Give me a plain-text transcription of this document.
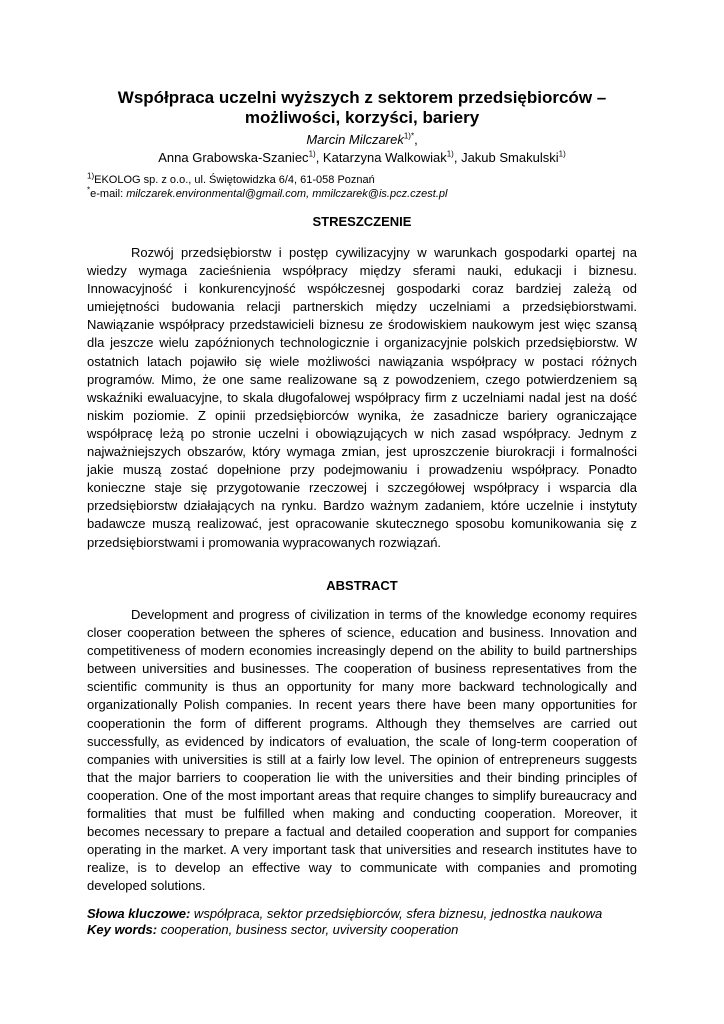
Współpraca uczelni wyższych z sektorem przedsiębiorców –
możliwości, korzyści, bariery
Marcin Milczarek$^{1)*}$,
Anna Grabowska-Szaniec$^{1)}$, Katarzyna Walkowiak$^{1)}$, Jakub Smakulski$^{1)}$
$^{1)}$EKOLOG sp. z o.o., ul. Świętowidzka 6/4, 61-058 Poznań
*e-mail: milczarek.environmental@gmail.com, mmilczarek@is.pcz.czest.pl
STRESZCZENIE

Rozwój przedsiębiorstw i postęp cywilizacyjny w warunkach gospodarki opartej na wiedzy wymaga zacieśnienia współpracy między sferami nauki, edukacji i biznesu. Innowacyjność i konkurencyjność współczesnej gospodarki coraz bardziej zależą od umiejętności budowania relacji partnerskich między uczelniami a przedsiębiorstwami. Nawiązanie współpracy przedstawicieli biznesu ze środowiskiem naukowym jest więc szansą dla jeszcze wielu zapóźnionych technologicznie i organizacyjnie polskich przedsiębiorstw. W ostatnich latach pojawiło się wiele możliwości nawiązania współpracy w postaci różnych programów. Mimo, że one same realizowane są z powodzeniem, czego potwierdzeniem są wskaźniki ewaluacyjne, to skala długofalowej współpracy firm z uczelniami nadal jest na dość niskim poziomie. Z opinii przedsiębiorców wynika, że zasadnicze bariery ograniczające współpracę leżą po stronie uczelni i obowiązujących w nich zasad współpracy. Jednym z najważniejszych obszarów, który wymaga zmian, jest uproszczenie biurokracji i formalności jakie muszą zostać dopełnione przy podejmowaniu i prowadzeniu współpracy. Ponadto konieczne staje się przygotowanie rzeczowej i szczegółowej współpracy i wsparcia dla przedsiębiorstw działających na rynku. Bardzo ważnym zadaniem, które uczelnie i instytuty badawcze muszą realizować, jest opracowanie skutecznego sposobu komunikowania się z przedsiębiorstwami i promowania wypracowanych rozwiązań.

ABSTRACT

Development and progress of civilization in terms of the knowledge economy requires closer cooperation between the spheres of science, education and business. Innovation and competitiveness of modern economies increasingly depend on the ability to build partnerships between universities and businesses. The cooperation of business representatives from the scientific community is thus an opportunity for many more backward technologically and organizationally Polish companies. In recent years there have been many opportunities for cooperationin the form of different programs. Although they themselves are carried out successfully, as evidenced by indicators of evaluation, the scale of long-term cooperation of companies with universities is still at a fairly low level. The opinion of entrepreneurs suggests that the major barriers to cooperation lie with the universities and their binding principles of cooperation. One of the most important areas that require changes to simplify bureaucracy and formalities that must be fulfilled when making and conducting cooperation. Moreover, it becomes necessary to prepare a factual and detailed cooperation and support for companies operating in the market. A very important task that universities and research institutes have to realize, is to develop an effective way to communicate with companies and promoting developed solutions.

Słowa kluczowe: współpraca, sektor przedsiębiorców, sfera biznesu, jednostka naukowa
Key words: cooperation, business sector, uviversity cooperation
